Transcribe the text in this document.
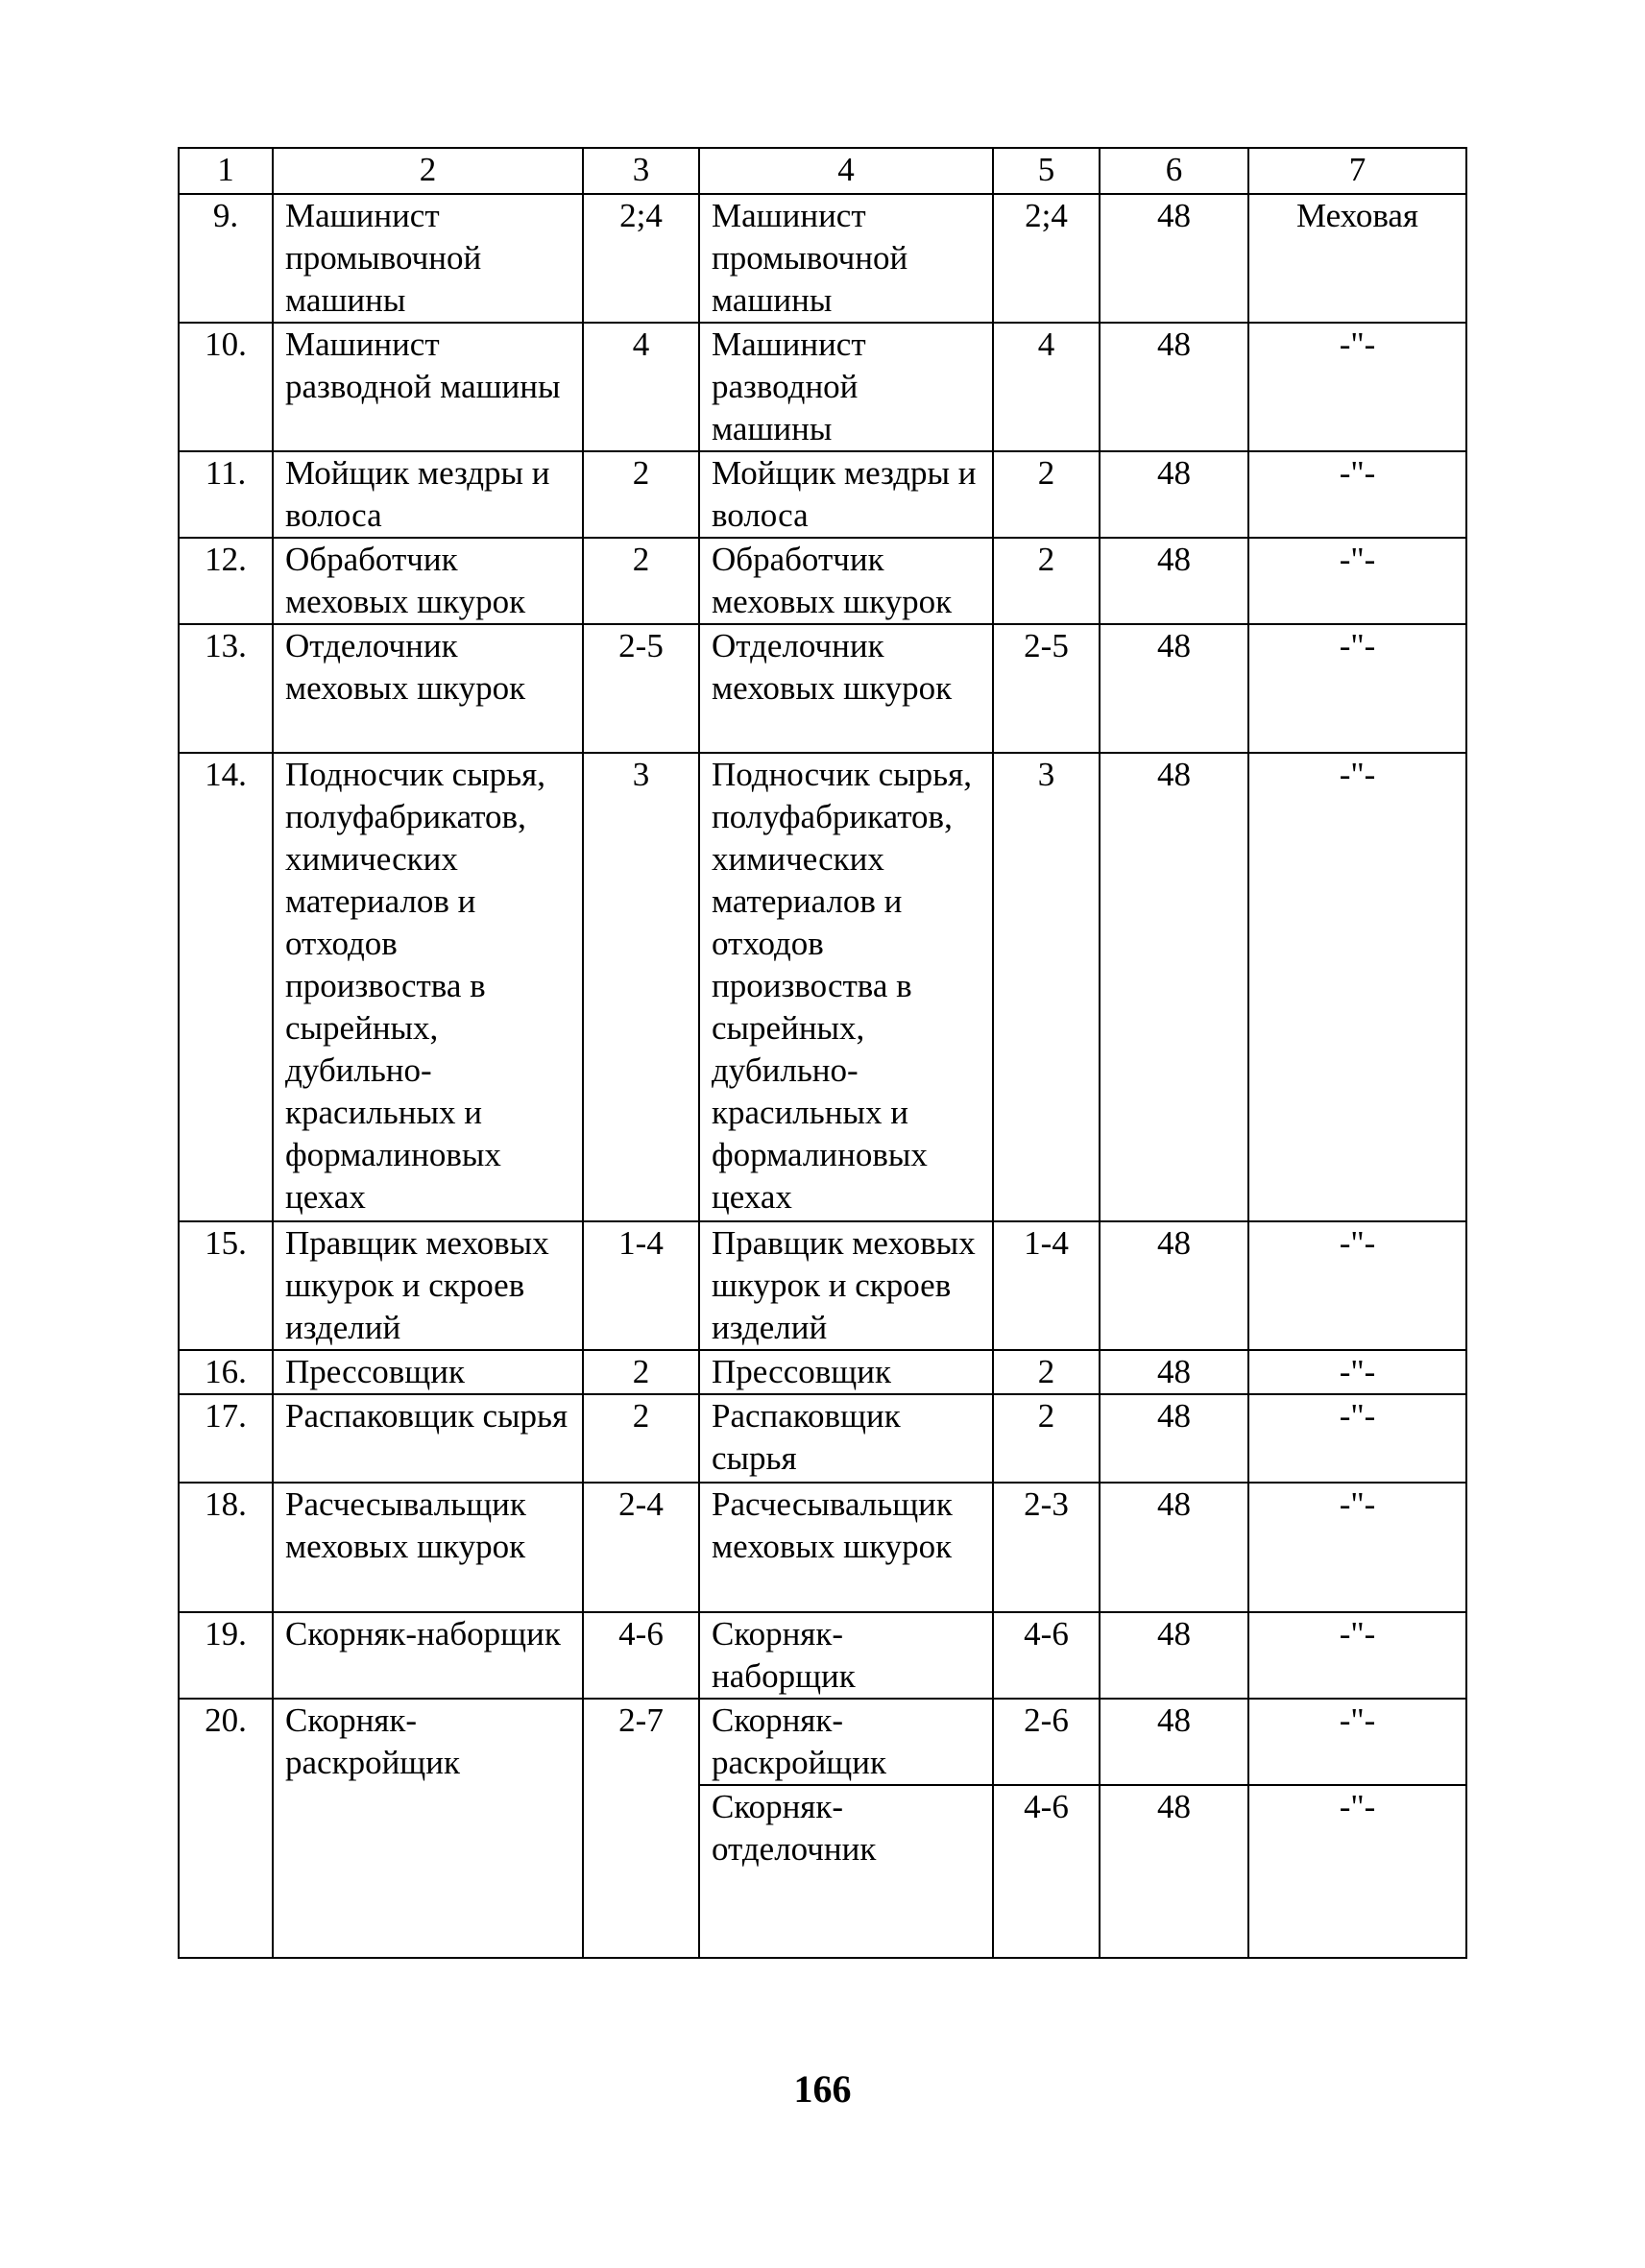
1	2	3	4	5	6	7
9.	Машинист промывочной машины	2;4	Машинист промывочной машины	2;4	48	Меховая
10.	Машинист разводной машины	4	Машинист разводной машины	4	48	-"-
11.	Мойщик мездры и волоса	2	Мойщик мездры и волоса	2	48	-"-
12.	Обработчик меховых шкурок	2	Обработчик меховых шкурок	2	48	-"-
13.	Отделочник меховых шкурок	2-5	Отделочник меховых шкурок	2-5	48	-"-
14.	Подносчик сырья, полуфабрикатов, химических материалов и отходов произвоства в сырейных, дубильно-красильных и формалиновых цехах	3	Подносчик сырья, полуфабрикатов, химических материалов и отходов произвоства в сырейных, дубильно-красильных и формалиновых цехах	3	48	-"-
15.	Правщик меховых шкурок и скроев изделий	1-4	Правщик меховых шкурок и скроев изделий	1-4	48	-"-
16.	Прессовщик	2	Прессовщик	2	48	-"-
17.	Распаковщик сырья	2	Распаковщик сырья	2	48	-"-
18.	Расчесывальщик меховых шкурок	2-4	Расчесывальщик меховых шкурок	2-3	48	-"-
19.	Скорняк-наборщик	4-6	Скорняк-наборщик	4-6	48	-"-
20.	Скорняк-раскройщик	2-7	Скорняк-раскройщик	2-6	48	-"-
			Скорняк-отделочник	4-6	48	-"-
166
